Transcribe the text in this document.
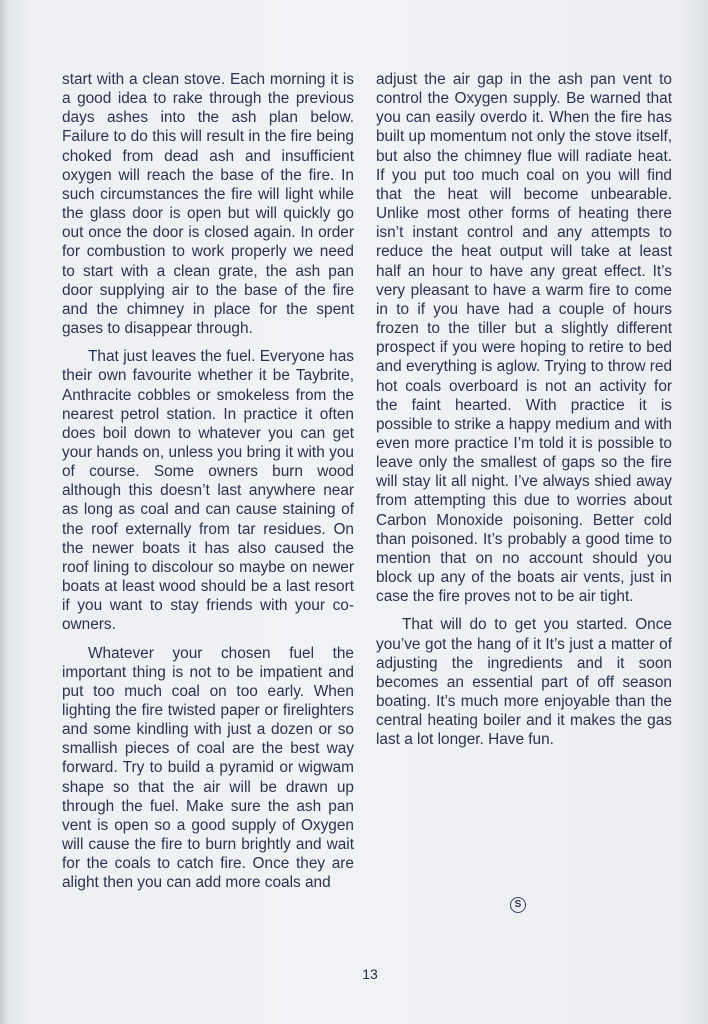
start with a clean stove. Each morning it is a good idea to rake through the previous days ashes into the ash plan below. Failure to do this will result in the fire being choked from dead ash and insufficient oxygen will reach the base of the fire. In such circumstances the fire will light while the glass door is open but will quickly go out once the door is closed again. In order for combustion to work properly we need to start with a clean grate, the ash pan door supplying air to the base of the fire and the chimney in place for the spent gases to disappear through.

That just leaves the fuel. Everyone has their own favourite whether it be Taybrite, Anthracite cobbles or smokeless from the nearest petrol station. In practice it often does boil down to whatever you can get your hands on, unless you bring it with you of course. Some owners burn wood although this doesn’t last anywhere near as long as coal and can cause staining of the roof externally from tar residues. On the newer boats it has also caused the roof lining to discolour so maybe on newer boats at least wood should be a last resort if you want to stay friends with your co-owners.

Whatever your chosen fuel the important thing is not to be impatient and put too much coal on too early. When lighting the fire twisted paper or firelighters and some kindling with just a dozen or so smallish pieces of coal are the best way forward. Try to build a pyramid or wigwam shape so that the air will be drawn up through the fuel. Make sure the ash pan vent is open so a good supply of Oxygen will cause the fire to burn brightly and wait for the coals to catch fire. Once they are alight then you can add more coals and

adjust the air gap in the ash pan vent to control the Oxygen supply. Be warned that you can easily overdo it. When the fire has built up momentum not only the stove itself, but also the chimney flue will radiate heat. If you put too much coal on you will find that the heat will become unbearable. Unlike most other forms of heating there isn’t instant control and any attempts to reduce the heat output will take at least half an hour to have any great effect. It’s very pleasant to have a warm fire to come in to if you have had a couple of hours frozen to the tiller but a slightly different prospect if you were hoping to retire to bed and everything is aglow. Trying to throw red hot coals overboard is not an activity for the faint hearted. With practice it is possible to strike a happy medium and with even more practice I’m told it is possible to leave only the smallest of gaps so the fire will stay lit all night. I’ve always shied away from attempting this due to worries about Carbon Monoxide poisoning. Better cold than poisoned. It’s probably a good time to mention that on no account should you block up any of the boats air vents, just in case the fire proves not to be air tight.

That will do to get you started. Once you’ve got the hang of it It’s just a matter of adjusting the ingredients and it soon becomes an essential part of off season boating. It’s much more enjoyable than the central heating boiler and it makes the gas last a lot longer. Have fun.

S
13
